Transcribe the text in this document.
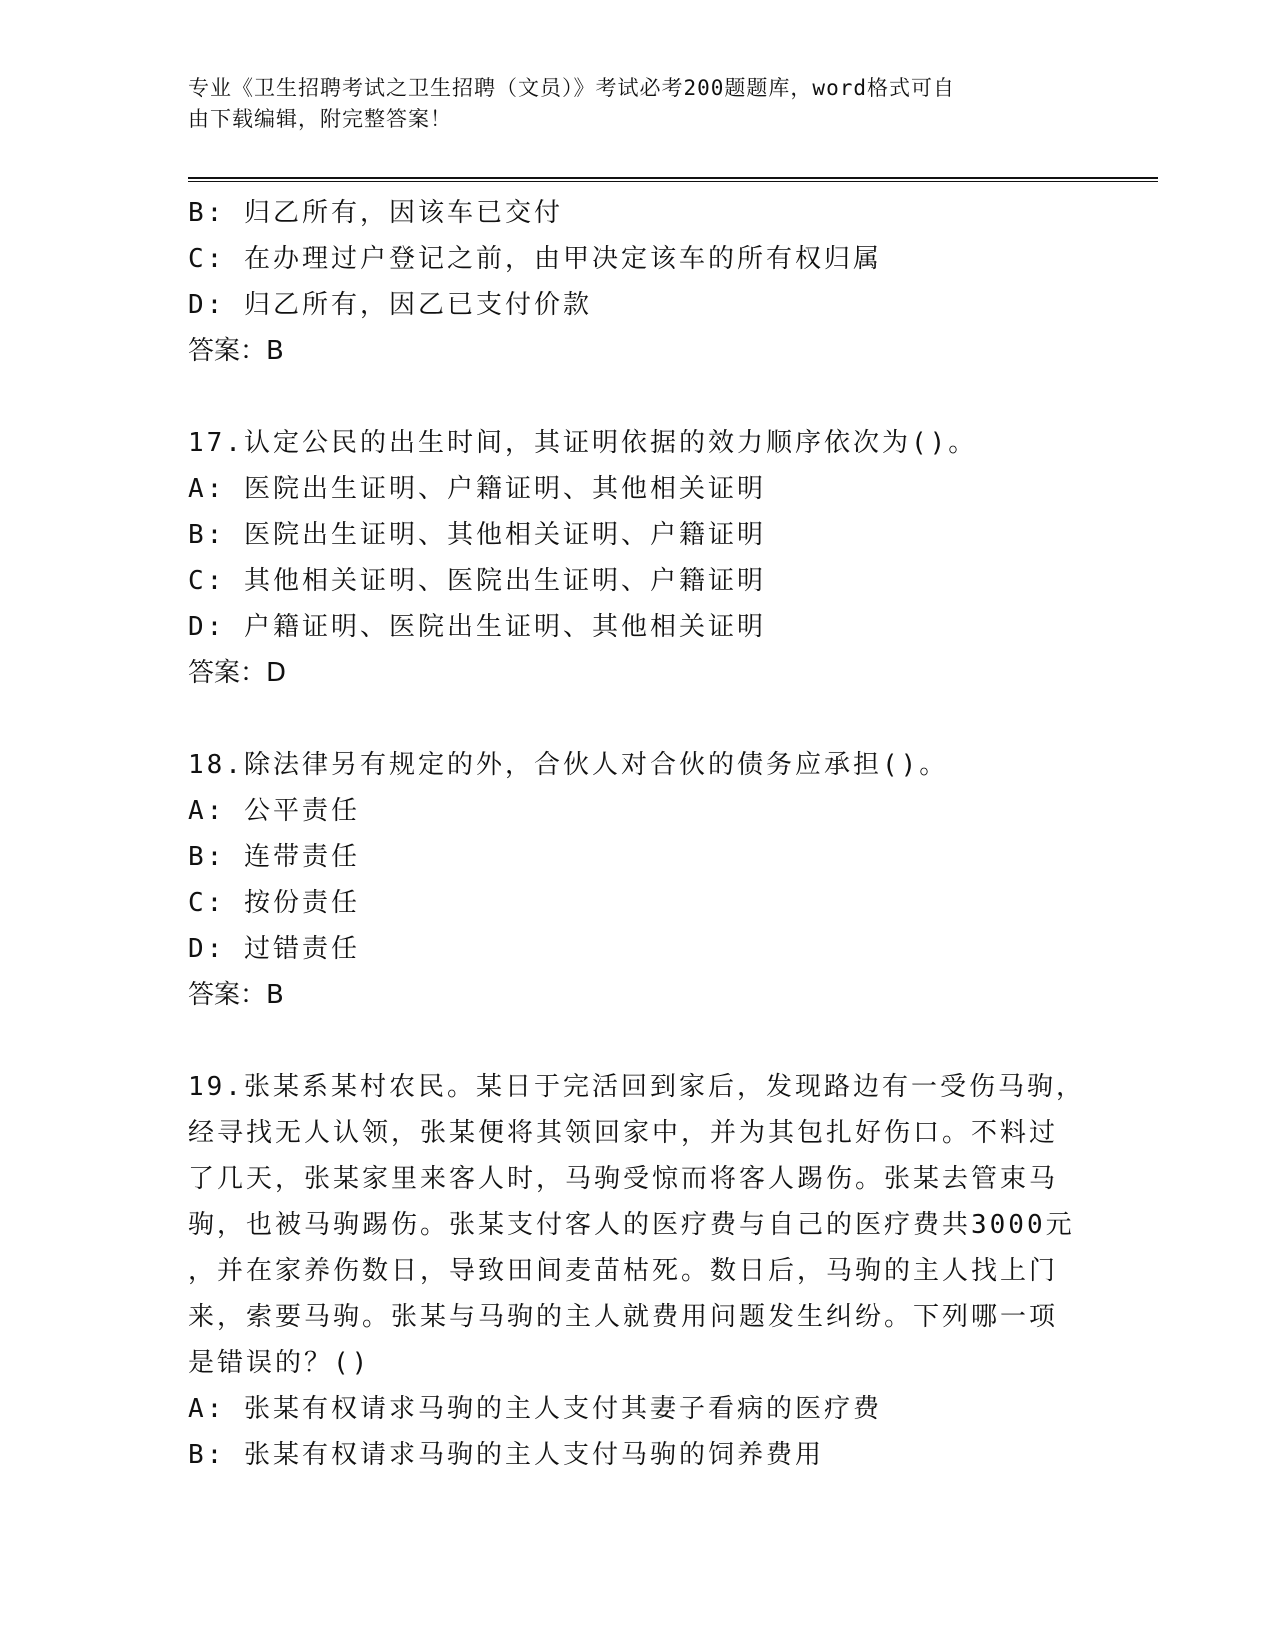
专业《卫生招聘考试之卫生招聘（文员）》考试必考200题题库，word格式可自
由下载编辑，附完整答案！
B: 归乙所有，因该车已交付
C: 在办理过户登记之前，由甲决定该车的所有权归属
D: 归乙所有，因乙已支付价款
答案：B
17.认定公民的出生时间，其证明依据的效力顺序依次为()。
A: 医院出生证明、户籍证明、其他相关证明
B: 医院出生证明、其他相关证明、户籍证明
C: 其他相关证明、医院出生证明、户籍证明
D: 户籍证明、医院出生证明、其他相关证明
答案：D
18.除法律另有规定的外，合伙人对合伙的债务应承担()。
A: 公平责任
B: 连带责任
C: 按份责任
D: 过错责任
答案：B
19.张某系某村农民。某日于完活回到家后，发现路边有一受伤马驹，
经寻找无人认领，张某便将其领回家中，并为其包扎好伤口。不料过
了几天，张某家里来客人时，马驹受惊而将客人踢伤。张某去管束马
驹，也被马驹踢伤。张某支付客人的医疗费与自己的医疗费共3000元
，并在家养伤数日，导致田间麦苗枯死。数日后，马驹的主人找上门
来，索要马驹。张某与马驹的主人就费用问题发生纠纷。下列哪一项
是错误的？()
A: 张某有权请求马驹的主人支付其妻子看病的医疗费
B: 张某有权请求马驹的主人支付马驹的饲养费用
